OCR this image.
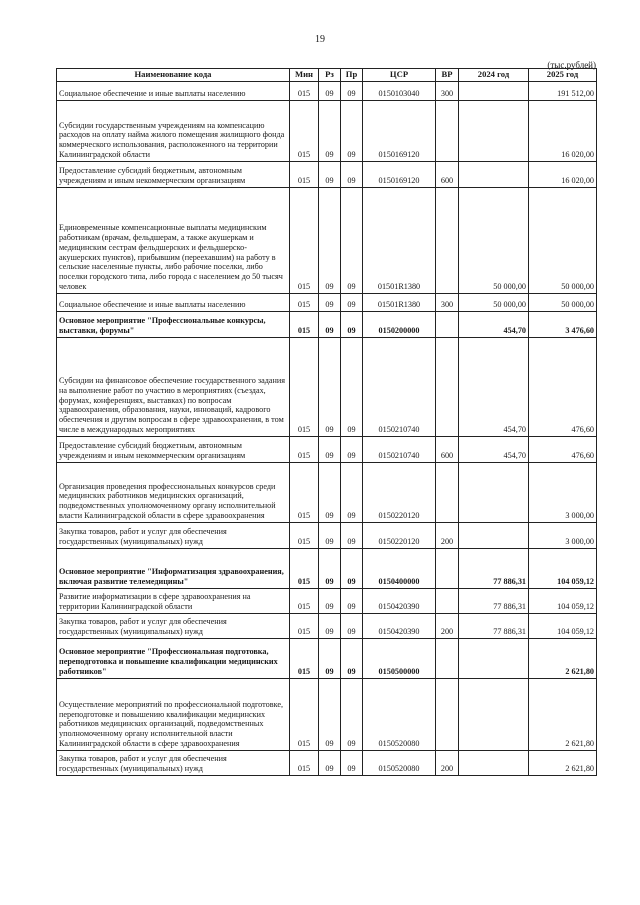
19
(тыс.рублей)
Наименование кода	Мин	Рз	Пр	ЦСР	ВР	2024 год	2025 год
Социальное обеспечение и иные выплаты населению	015	09	09	0150103040	300		191 512,00
Субсидии государственным учреждениям на компенсацию расходов на оплату найма жилого помещения жилищного фонда коммерческого использования, расположенного на территории Калининградской области	015	09	09	0150169120			16 020,00
Предоставление субсидий бюджетным, автономным учреждениям и иным некоммерческим организациям	015	09	09	0150169120	600		16 020,00
Единовременные компенсационные выплаты медицинским работникам (врачам, фельдшерам, а также акушеркам и медицинским сестрам фельдшерских и фельдшерско-акушерских пунктов), прибывшим (переехавшим) на работу в сельские населенные пункты, либо рабочие поселки, либо поселки городского типа, либо города с населением до 50 тысяч человек	015	09	09	01501R1380		50 000,00	50 000,00
Социальное обеспечение и иные выплаты населению	015	09	09	01501R1380	300	50 000,00	50 000,00
Основное мероприятие "Профессиональные конкурсы, выставки, форумы"	015	09	09	0150200000		454,70	3 476,60
Субсидии на финансовое обеспечение государственного задания на выполнение работ по участию в мероприятиях (съездах, форумах, конференциях, выставках) по вопросам здравоохранения, образования, науки, инноваций, кадрового обеспечения и другим вопросам в сфере здравоохранения, в том числе в международных мероприятиях	015	09	09	0150210740		454,70	476,60
Предоставление субсидий бюджетным, автономным учреждениям и иным некоммерческим организациям	015	09	09	0150210740	600	454,70	476,60
Организация проведения профессиональных конкурсов среди медицинских работников медицинских организаций, подведомственных уполномоченному органу исполнительной власти Калининградской области в сфере здравоохранения	015	09	09	0150220120			3 000,00
Закупка товаров, работ и услуг для обеспечения государственных (муниципальных) нужд	015	09	09	0150220120	200		3 000,00
Основное мероприятие "Информатизация здравоохранения, включая развитие телемедицины"	015	09	09	0150400000		77 886,31	104 059,12
Развитие информатизации в сфере здравоохранения на территории Калининградской области	015	09	09	0150420390		77 886,31	104 059,12
Закупка товаров, работ и услуг для обеспечения государственных (муниципальных) нужд	015	09	09	0150420390	200	77 886,31	104 059,12
Основное мероприятие "Профессиональная подготовка, переподготовка и повышение квалификации медицинских работников"	015	09	09	0150500000			2 621,80
Осуществление мероприятий по профессиональной подготовке, переподготовке и повышению квалификации медицинских работников медицинских организаций, подведомственных уполномоченному органу исполнительной власти Калининградской области в сфере здравоохранения	015	09	09	0150520080			2 621,80
Закупка товаров, работ и услуг для обеспечения государственных (муниципальных) нужд	015	09	09	0150520080	200		2 621,80
